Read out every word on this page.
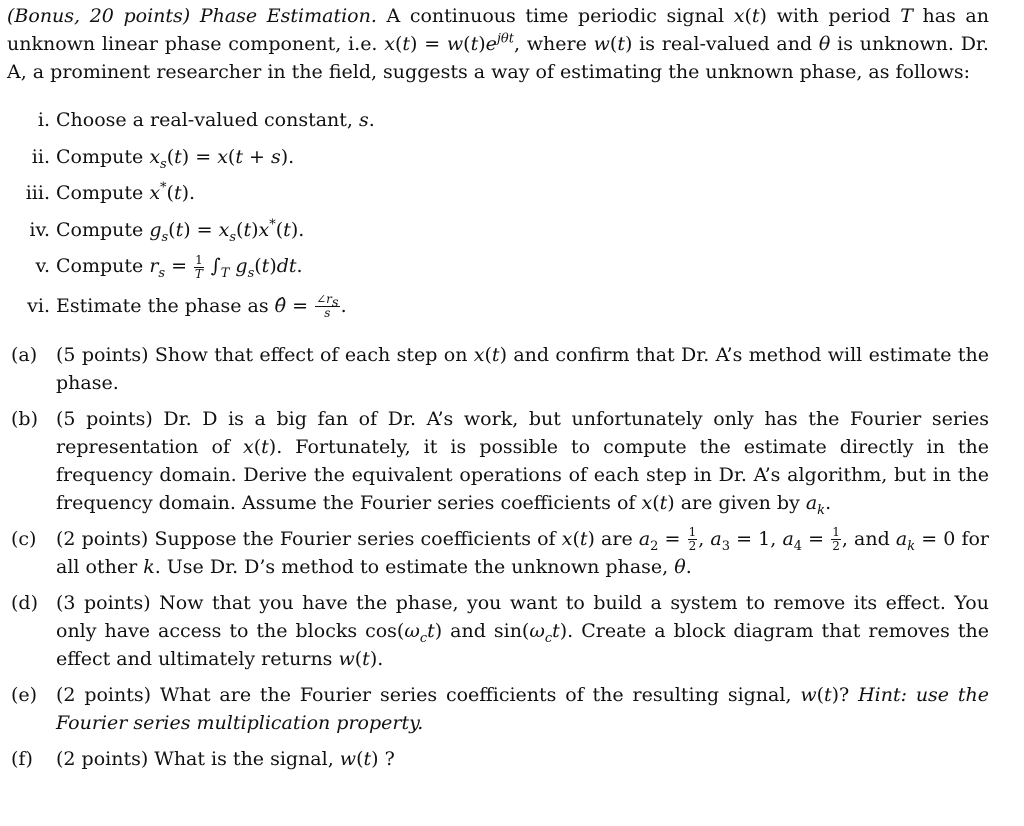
(Bonus, 20 points) Phase Estimation. A continuous time periodic signal x(t) with period T has an unknown linear phase component, i.e. $x(t) = w(t)e^{j\theta t}$, where w(t) is real-valued and θ is unknown. Dr. A, a prominent researcher in the field, suggests a way of estimating the unknown phase, as follows:

i. Choose a real-valued constant, s.
ii. Compute $x_s(t) = x(t + s)$.
iii. Compute x*(t).
iv. Compute $g_s(t) = x_s(t)x^*(t)$.
v. Compute $r_s = \frac{1}{T} \int_T$ $g_s(t)dt$.
vi. Estimate the phase as θ̂ = $\frac{\angle r_s}{s}$ .
(a) (5 points) Show that effect of each step on x(t) and confirm that Dr. A’s method will estimate the phase.
(b) (5 points) Dr. D is a big fan of Dr. A’s work, but unfortunately only has the Fourier series representation of x(t). Fortunately, it is possible to compute the estimate directly in the frequency domain. Derive the equivalent operations of each step in Dr. A’s algorithm, but in the frequency domain. Assume the Fourier series coefficients of x(t) are given by $a_k$.
(c) (2 points) Suppose the Fourier series coefficients of x(t) are $a_2 = \frac{1}{2}$ , $a_3 = 1$, $a_4 = \frac{1}{2}$ , and $a_k = 0$ for all other k. Use Dr. D’s method to estimate the unknown phase, θ.
(d) (3 points) Now that you have the phase, you want to build a system to remove its effect. You only have access to the blocks $\cos(\omega_ct)$ and $\sin(\omega_ct)$. Create a block diagram that removes the effect and ultimately returns w(t).
(e) (2 points) What are the Fourier series coefficients of the resulting signal, w(t)? Hint: use the Fourier series multiplication property.
(f) (2 points) What is the signal, w(t) ?
